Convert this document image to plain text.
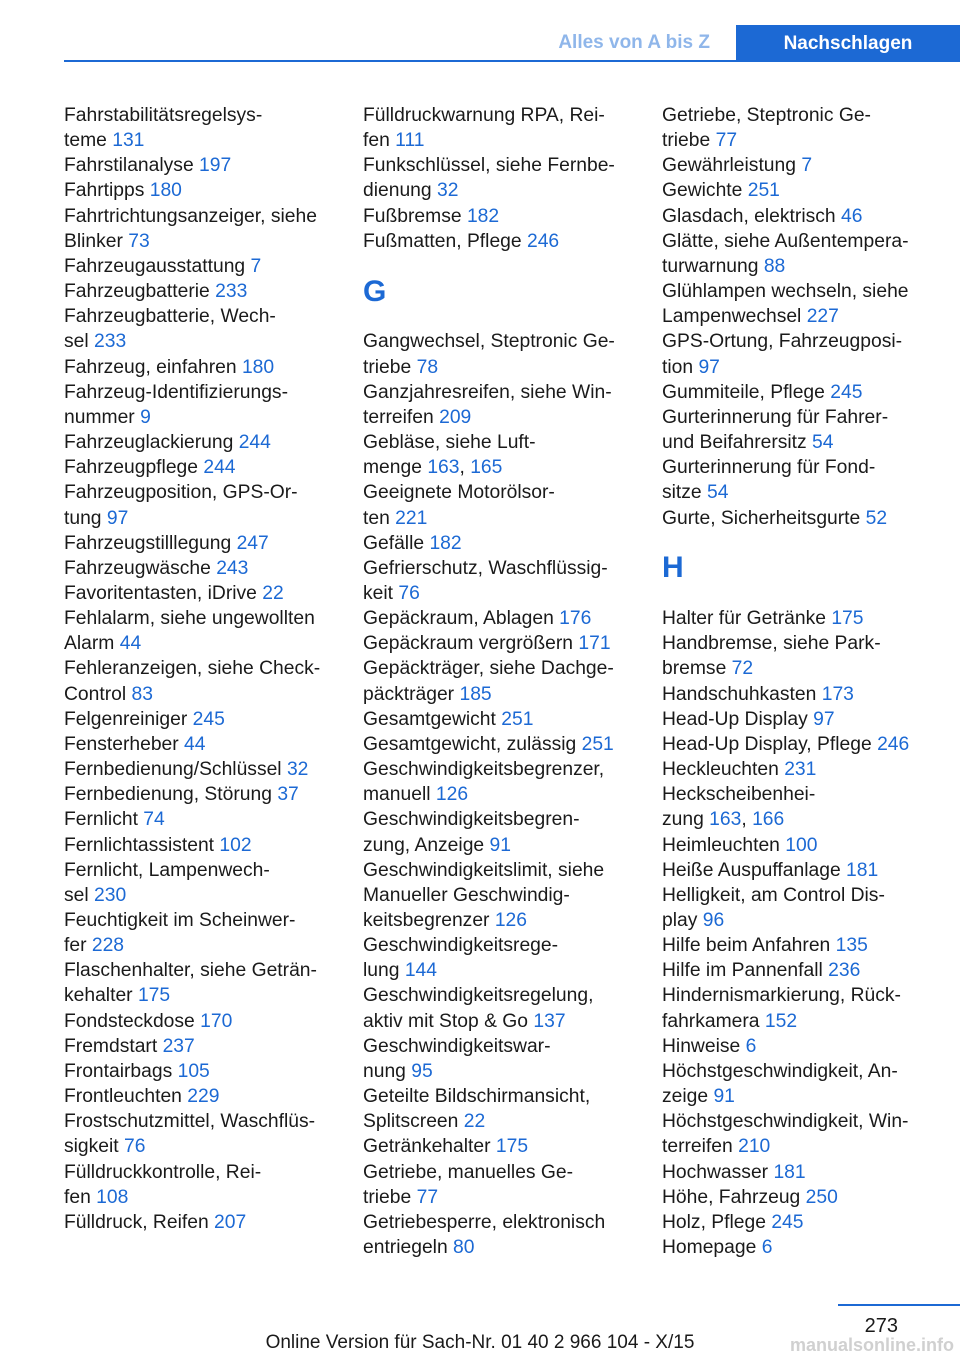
Alles von A bis Z	Nachschlagen
Fahrstabilitätsregelsys-
teme 131
Fahrstilanalyse 197
Fahrtipps 180
Fahrtrichtungsanzeiger, siehe
Blinker 73
Fahrzeugausstattung 7
Fahrzeugbatterie 233
Fahrzeugbatterie, Wech-
sel 233
Fahrzeug, einfahren 180
Fahrzeug-Identifizierungs-
nummer 9
Fahrzeuglackierung 244
Fahrzeugpflege 244
Fahrzeugposition, GPS-Or-
tung 97
Fahrzeugstilllegung 247
Fahrzeugwäsche 243
Favoritentasten, iDrive 22
Fehlalarm, siehe ungewollten
Alarm 44
Fehleranzeigen, siehe Check-
Control 83
Felgenreiniger 245
Fensterheber 44
Fernbedienung/Schlüssel 32
Fernbedienung, Störung 37
Fernlicht 74
Fernlichtassistent 102
Fernlicht, Lampenwech-
sel 230
Feuchtigkeit im Scheinwer-
fer 228
Flaschenhalter, siehe Geträn-
kehalter 175
Fondsteckdose 170
Fremdstart 237
Frontairbags 105
Frontleuchten 229
Frostschutzmittel, Waschflüs-
sigkeit 76
Fülldruckkontrolle, Rei-
fen 108
Fülldruck, Reifen 207
Fülldruckwarnung RPA, Rei-
fen 111
Funkschlüssel, siehe Fernbe-
dienung 32
Fußbremse 182
Fußmatten, Pflege 246
G
Gangwechsel, Steptronic Ge-
triebe 78
Ganzjahresreifen, siehe Win-
terreifen 209
Gebläse, siehe Luft-
menge 163, 165
Geeignete Motorölsor-
ten 221
Gefälle 182
Gefrierschutz, Waschflüssig-
keit 76
Gepäckraum, Ablagen 176
Gepäckraum vergrößern 171
Gepäckträger, siehe Dachge-
päckträger 185
Gesamtgewicht 251
Gesamtgewicht, zulässig 251
Geschwindigkeitsbegrenzer,
manuell 126
Geschwindigkeitsbegren-
zung, Anzeige 91
Geschwindigkeitslimit, siehe
Manueller Geschwindig-
keitsbegrenzer 126
Geschwindigkeitsrege-
lung 144
Geschwindigkeitsregelung,
aktiv mit Stop & Go 137
Geschwindigkeitswar-
nung 95
Geteilte Bildschirmansicht,
Splitscreen 22
Getränkehalter 175
Getriebe, manuelles Ge-
triebe 77
Getriebesperre, elektronisch
entriegeln 80
Getriebe, Steptronic Ge-
triebe 77
Gewährleistung 7
Gewichte 251
Glasdach, elektrisch 46
Glätte, siehe Außentempera-
turwarnung 88
Glühlampen wechseln, siehe
Lampenwechsel 227
GPS-Ortung, Fahrzeugposi-
tion 97
Gummiteile, Pflege 245
Gurterinnerung für Fahrer-
und Beifahrersitz 54
Gurterinnerung für Fond-
sitze 54
Gurte, Sicherheitsgurte 52
H
Halter für Getränke 175
Handbremse, siehe Park-
bremse 72
Handschuhkasten 173
Head-Up Display 97
Head-Up Display, Pflege 246
Heckleuchten 231
Heckscheibenhei-
zung 163, 166
Heimleuchten 100
Heiße Auspuffanlage 181
Helligkeit, am Control Dis-
play 96
Hilfe beim Anfahren 135
Hilfe im Pannenfall 236
Hindernismarkierung, Rück-
fahrkamera 152
Hinweise 6
Höchstgeschwindigkeit, An-
zeige 91
Höchstgeschwindigkeit, Win-
terreifen 210
Hochwasser 181
Höhe, Fahrzeug 250
Holz, Pflege 245
Homepage 6
273
Online Version für Sach-Nr. 01 40 2 966 104 - X/15	manualsonline.info
